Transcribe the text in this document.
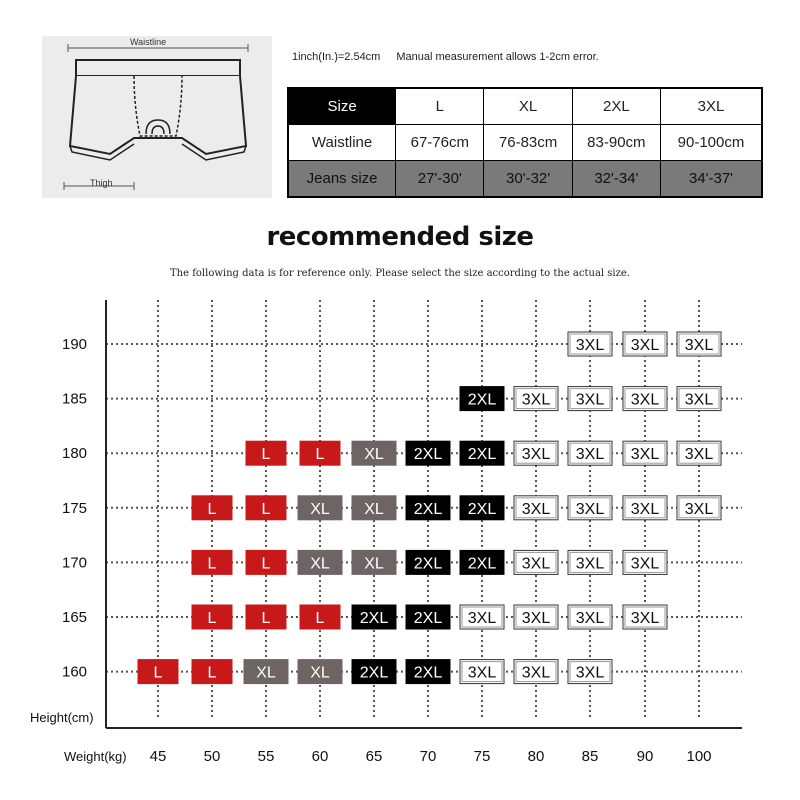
Waistline
Thigh
1inch(In.)=2.54cm Manual measurement allows 1-2cm error.
Size	L	XL	2XL	3XL
Waistline	67-76cm	76-83cm	83-90cm	90-100cm
Jeans size	27'-30'	30'-32'	32'-34'	34'-37'
recommended size
The following data is for reference only. Please select the size according to the actual size.
190
185
180
175
170
165
160
45 50 55 60 65 70 75 80 85	90 100
Height(cm)
Weight(kg)
3XL 3XL 3XL
2XL 3XL 3XL 3XL 3XL
L	L XL 2XL 2XL 3XL 3XL 3XL 3XL
L	L XL XL 2XL 2XL 3XL 3XL 3XL 3XL
L	L XL XL 2XL 2XL 3XL 3XL 3XL
L	L	L 2XL 2XL 3XL 3XL 3XL 3XL
L	L XL XL 2XL 2XL 3XL 3XL 3XL
